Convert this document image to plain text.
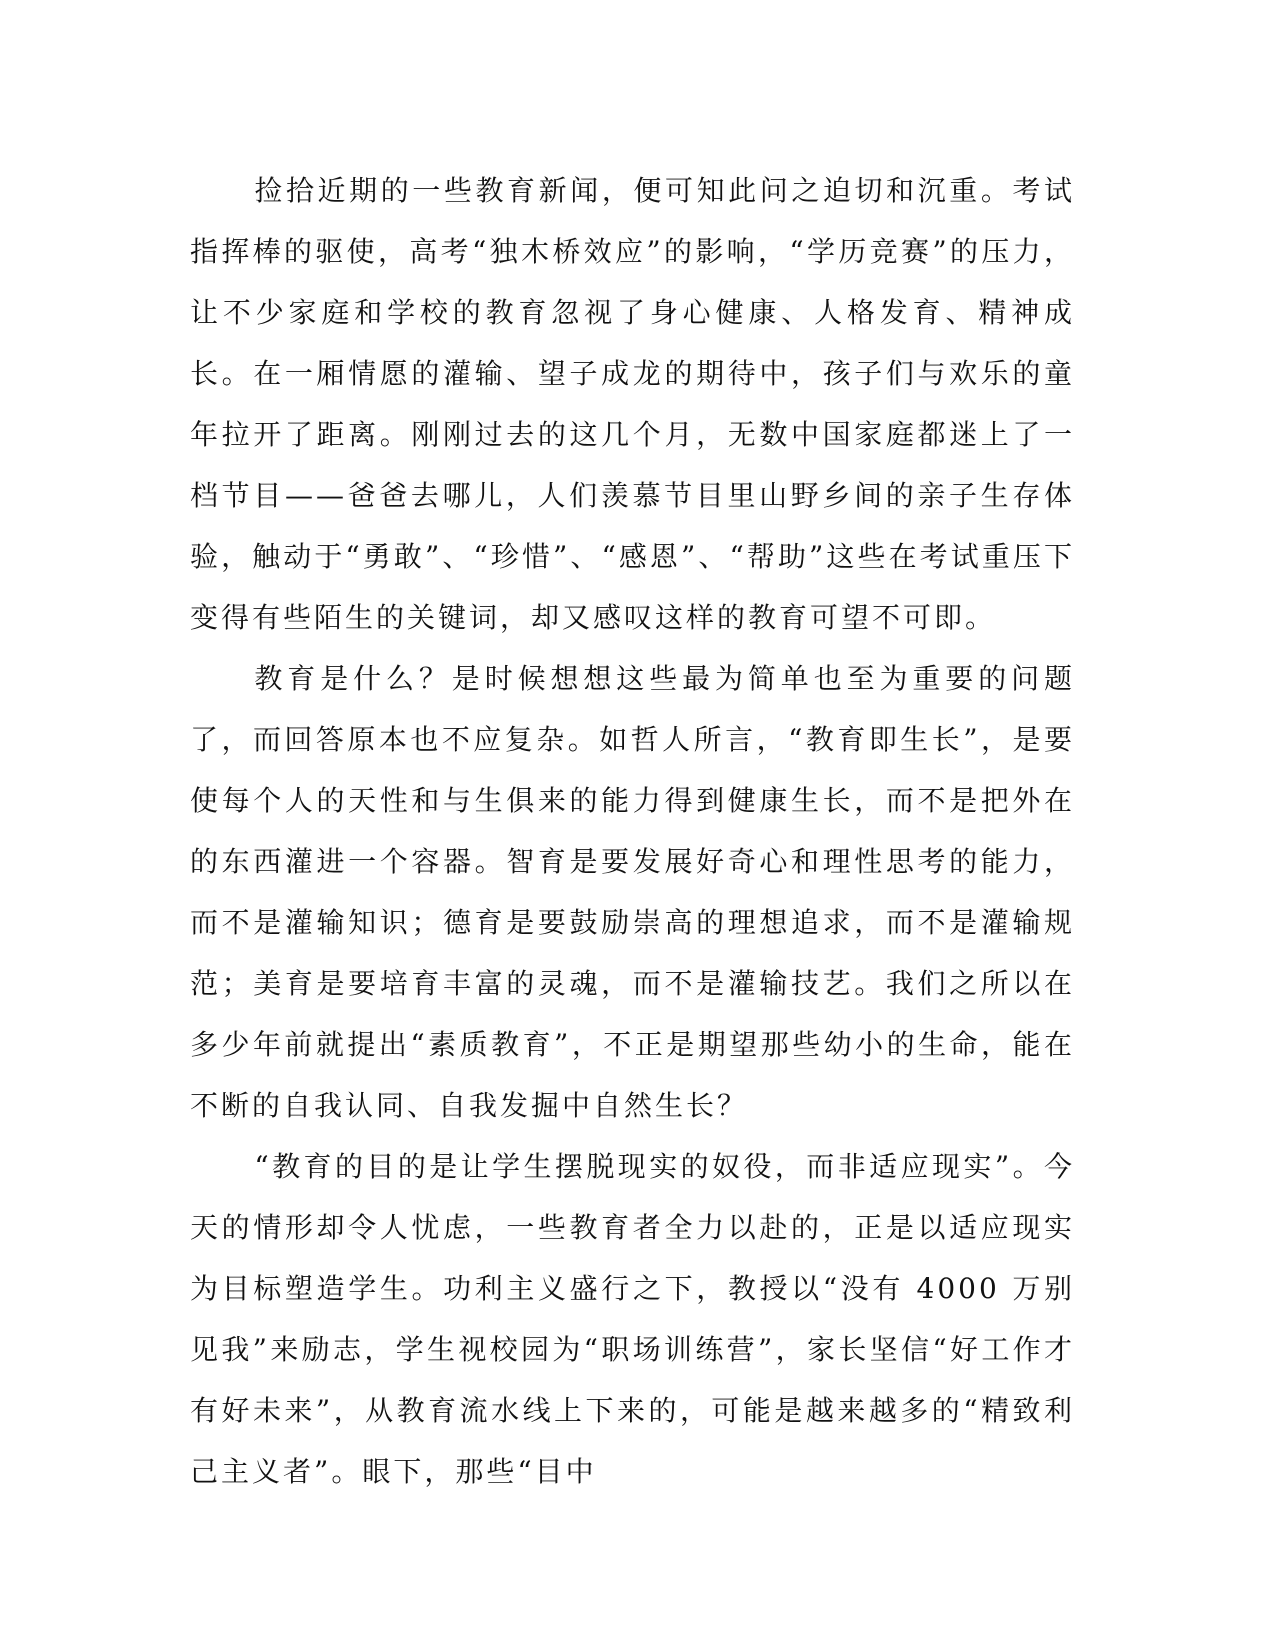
捡拾近期的一些教育新闻，便可知此问之迫切和沉重。考试指挥棒的驱使，高考“独木桥效应”的影响，“学历竞赛”的压力，让不少家庭和学校的教育忽视了身心健康、人格发育、精神成长。在一厢情愿的灌输、望子成龙的期待中，孩子们与欢乐的童年拉开了距离。刚刚过去的这几个月，无数中国家庭都迷上了一档节目——爸爸去哪儿，人们羡慕节目里山野乡间的亲子生存体验，触动于“勇敢”、“珍惜”、“感恩”、“帮助”这些在考试重压下变得有些陌生的关键词，却又感叹这样的教育可望不可即。

教育是什么？是时候想想这些最为简单也至为重要的问题了，而回答原本也不应复杂。如哲人所言，“教育即生长”，是要使每个人的天性和与生俱来的能力得到健康生长，而不是把外在的东西灌进一个容器。智育是要发展好奇心和理性思考的能力，而不是灌输知识；德育是要鼓励崇高的理想追求，而不是灌输规范；美育是要培育丰富的灵魂，而不是灌输技艺。我们之所以在多少年前就提出“素质教育”，不正是期望那些幼小的生命，能在不断的自我认同、自我发掘中自然生长？

“教育的目的是让学生摆脱现实的奴役，而非适应现实”。今天的情形却令人忧虑，一些教育者全力以赴的，正是以适应现实为目标塑造学生。功利主义盛行之下，教授以“没有 4000 万别见我”来励志，学生视校园为“职场训练营”，家长坚信“好工作才有好未来”，从教育流水线上下来的，可能是越来越多的“精致利己主义者”。眼下，那些“目中
